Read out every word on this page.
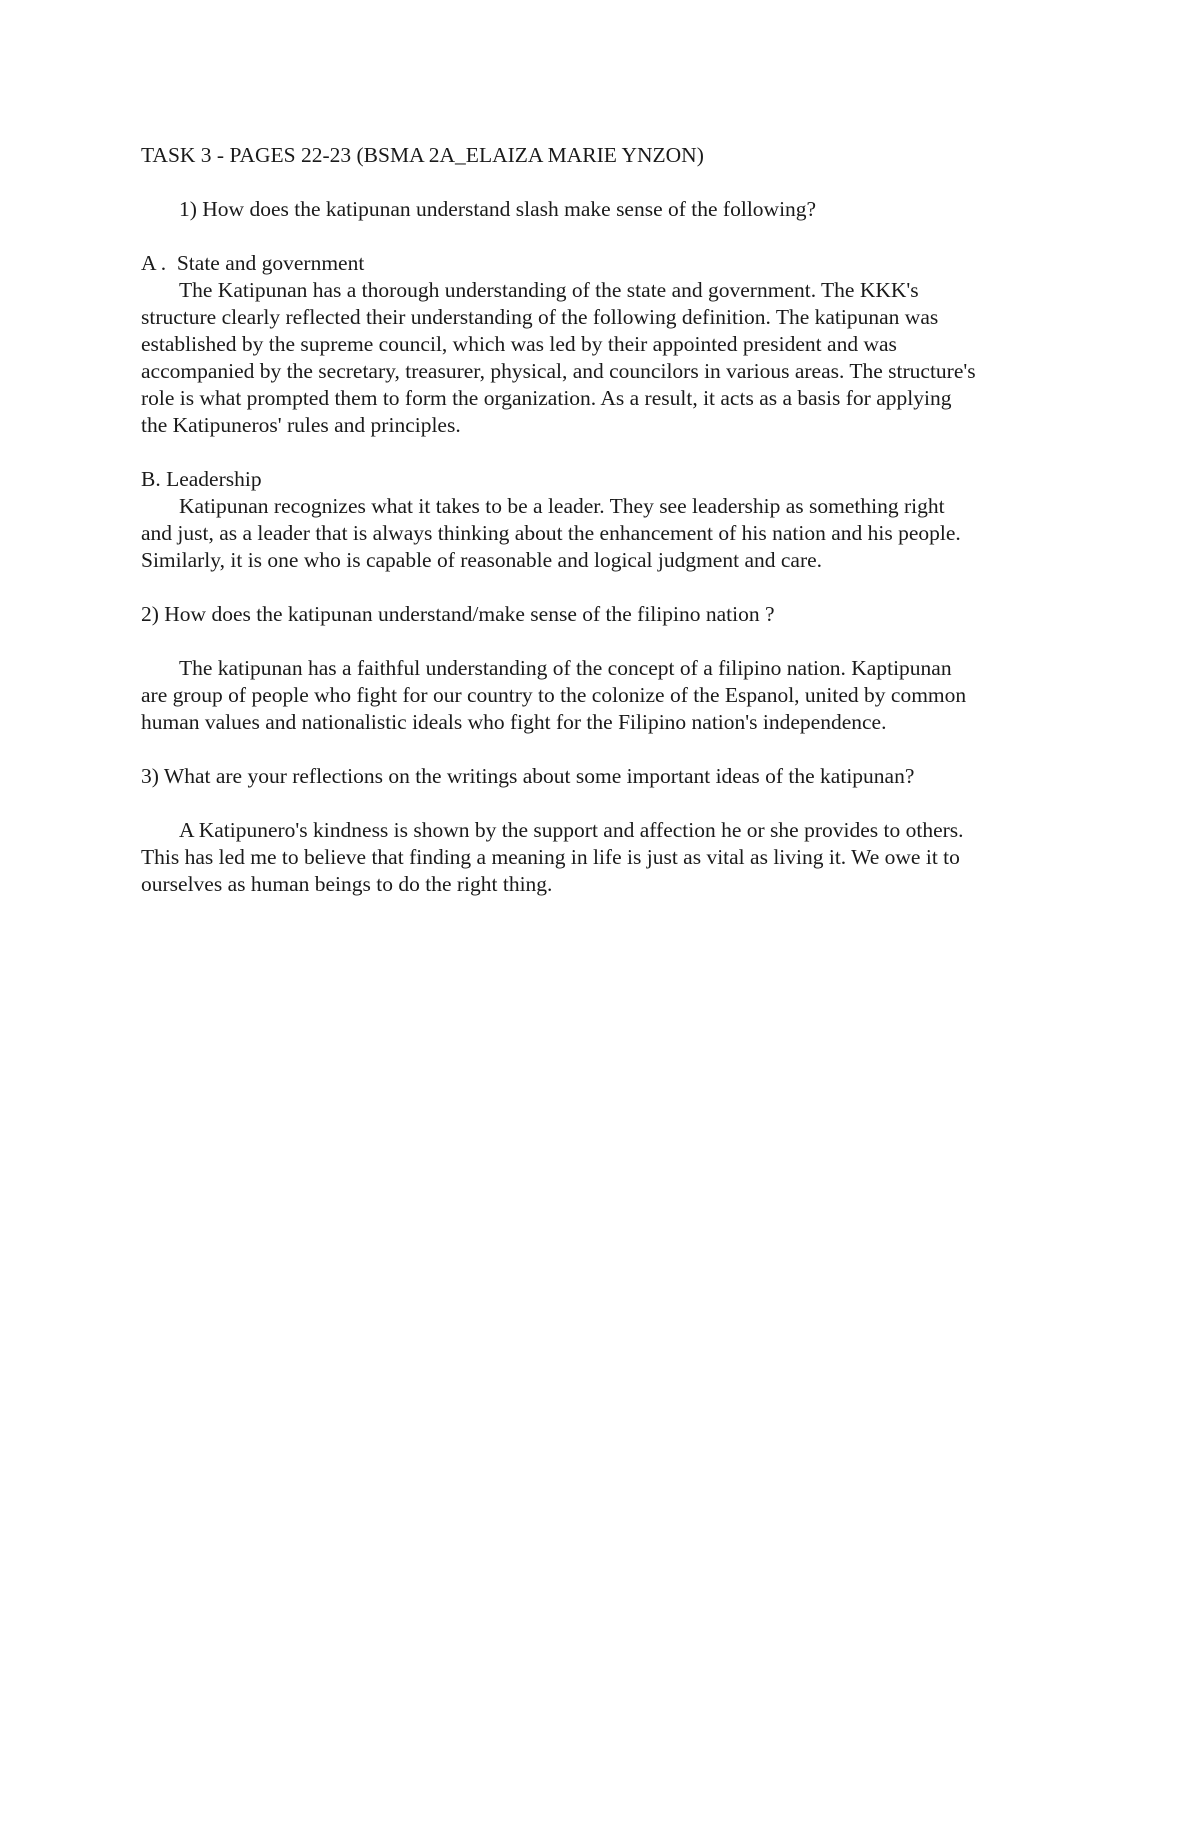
TASK 3 - PAGES 22-23 (BSMA 2A_ELAIZA MARIE YNZON)
1) How does the katipunan understand slash make sense of the following?
A .  State and government
The Katipunan has a thorough understanding of the state and government. The KKK's
structure clearly reflected their understanding of the following definition. The katipunan was
established by the supreme council, which was led by their appointed president and was
accompanied by the secretary, treasurer, physical, and councilors in various areas. The structure's
role is what prompted them to form the organization. As a result, it acts as a basis for applying
the Katipuneros' rules and principles.
B. Leadership
Katipunan recognizes what it takes to be a leader. They see leadership as something right
and just, as a leader that is always thinking about the enhancement of his nation and his people.
Similarly, it is one who is capable of reasonable and logical judgment and care.
2) How does the katipunan understand/make sense of the filipino nation ?
The katipunan has a faithful understanding of the concept of a filipino nation. Kaptipunan
are group of people who fight for our country to the colonize of the Espanol, united by common
human values and nationalistic ideals who fight for the Filipino nation's independence.
3) What are your reflections on the writings about some important ideas of the katipunan?
A Katipunero's kindness is shown by the support and affection he or she provides to others.
This has led me to believe that finding a meaning in life is just as vital as living it. We owe it to
ourselves as human beings to do the right thing.
